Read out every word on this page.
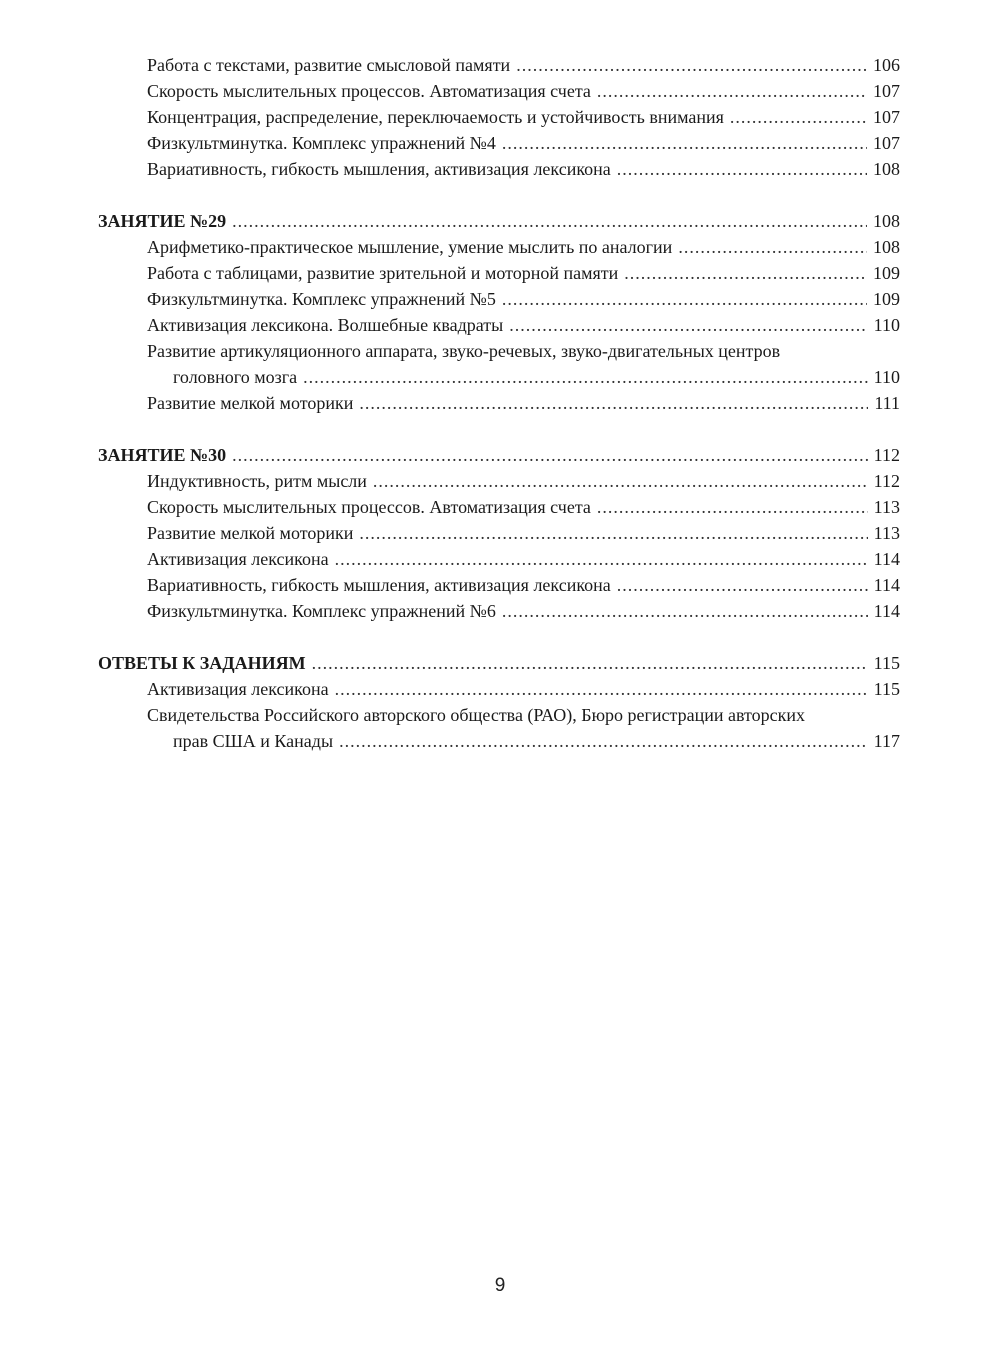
Работа с текстами, развитие смысловой памяти .....	106
Скорость мыслительных процессов. Автоматизация счета .....	107
Концентрация, распределение, переключаемость и устойчивость внимания .....	107
Физкультминутка. Комплекс упражнений №4 .....	107
Вариативность, гибкость мышления, активизация лексикона .....	108
ЗАНЯТИЕ №29 .....	108
Арифметико-практическое мышление, умение мыслить по аналогии .....	108
Работа с таблицами, развитие зрительной и моторной памяти .....	109
Физкультминутка. Комплекс упражнений №5 .....	109
Активизация лексикона. Волшебные квадраты .....	110
Развитие артикуляционного аппарата, звуко-речевых, звуко-двигательных центров
головного мозга .....	110
Развитие мелкой моторики .....	111
ЗАНЯТИЕ №30 .....	112
Индуктивность, ритм мысли .....	112
Скорость мыслительных процессов. Автоматизация счета .....	113
Развитие мелкой моторики .....	113
Активизация лексикона .....	114
Вариативность, гибкость мышления, активизация лексикона .....	114
Физкультминутка. Комплекс упражнений №6 .....	114
ОТВЕТЫ К ЗАДАНИЯМ .....	115
Активизация лексикона .....	115
Свидетельства Российского авторского общества (РАО), Бюро регистрации авторских
прав США и Канады .....	117
9
